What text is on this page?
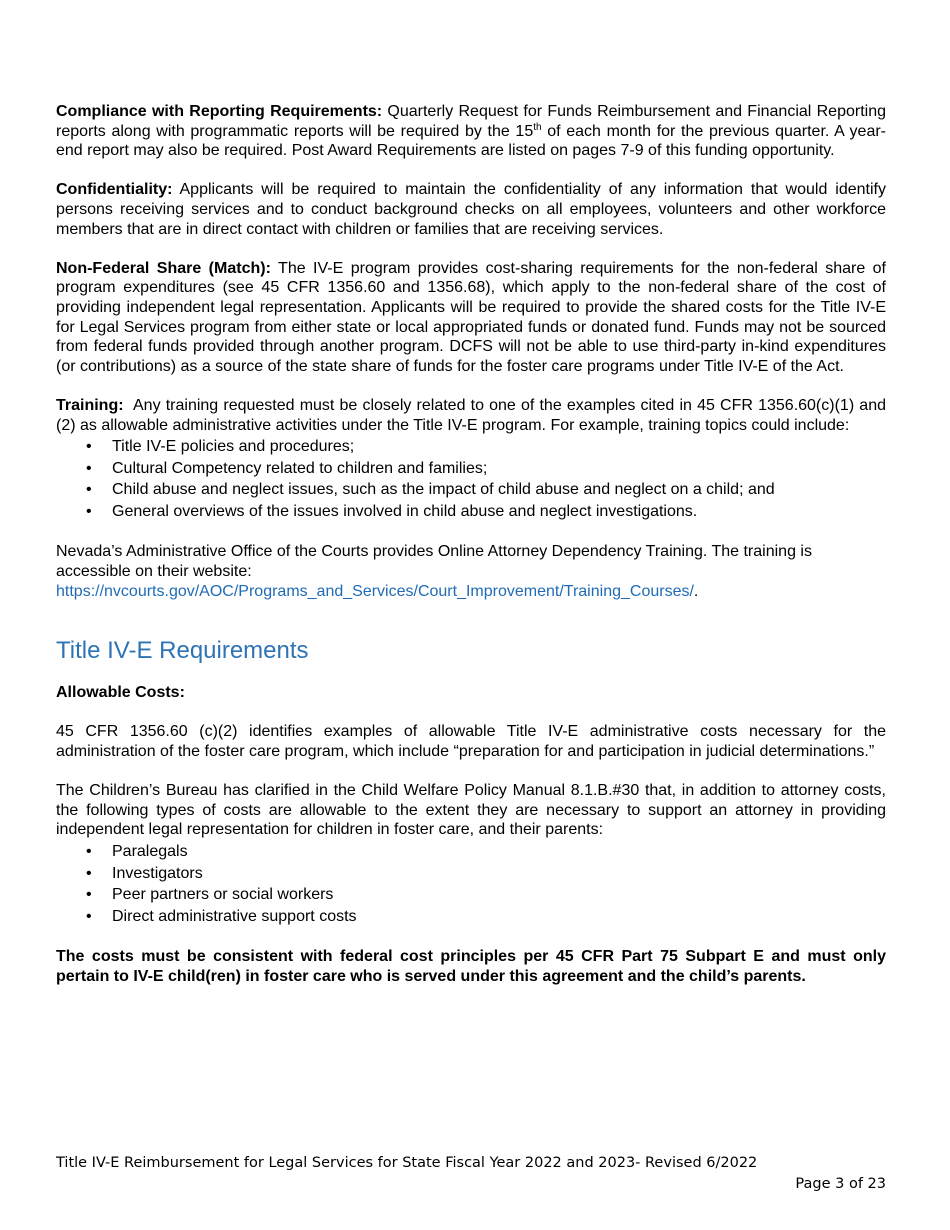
Compliance with Reporting Requirements: Quarterly Request for Funds Reimbursement and Financial Reporting reports along with programmatic reports will be required by the 15th of each month for the previous quarter. A year-end report may also be required. Post Award Requirements are listed on pages 7-9 of this funding opportunity.

Confidentiality: Applicants will be required to maintain the confidentiality of any information that would identify persons receiving services and to conduct background checks on all employees, volunteers and other workforce members that are in direct contact with children or families that are receiving services.

Non-Federal Share (Match): The IV-E program provides cost-sharing requirements for the non-federal share of program expenditures (see 45 CFR 1356.60 and 1356.68), which apply to the non-federal share of the cost of providing independent legal representation. Applicants will be required to provide the shared costs for the Title IV-E for Legal Services program from either state or local appropriated funds or donated fund. Funds may not be sourced from federal funds provided through another program. DCFS will not be able to use third-party in-kind expenditures (or contributions) as a source of the state share of funds for the foster care programs under Title IV-E of the Act.

Training:  Any training requested must be closely related to one of the examples cited in 45 CFR 1356.60(c)(1) and (2) as allowable administrative activities under the Title IV-E program. For example, training topics could include:

• Title IV-E policies and procedures;
• Cultural Competency related to children and families;
• Child abuse and neglect issues, such as the impact of child abuse and neglect on a child; and
• General overviews of the issues involved in child abuse and neglect investigations.

Nevada’s Administrative Office of the Courts provides Online Attorney Dependency Training. The training is accessible on their website:
https://nvcourts.gov/AOC/Programs_and_Services/Court_Improvement/Training_Courses/.

Title IV-E Requirements

Allowable Costs:

45 CFR 1356.60 (c)(2) identifies examples of allowable Title IV-E administrative costs necessary for the administration of the foster care program, which include “preparation for and participation in judicial determinations.”

The Children’s Bureau has clarified in the Child Welfare Policy Manual 8.1.B.#30 that, in addition to attorney costs, the following types of costs are allowable to the extent they are necessary to support an attorney in providing independent legal representation for children in foster care, and their parents:

• Paralegals
• Investigators
• Peer partners or social workers
• Direct administrative support costs

The costs must be consistent with federal cost principles per 45 CFR Part 75 Subpart E and must only pertain to IV-E child(ren) in foster care who is served under this agreement and the child’s parents.

Title IV-E Reimbursement for Legal Services for State Fiscal Year 2022 and 2023- Revised 6/2022
Page 3 of 23
